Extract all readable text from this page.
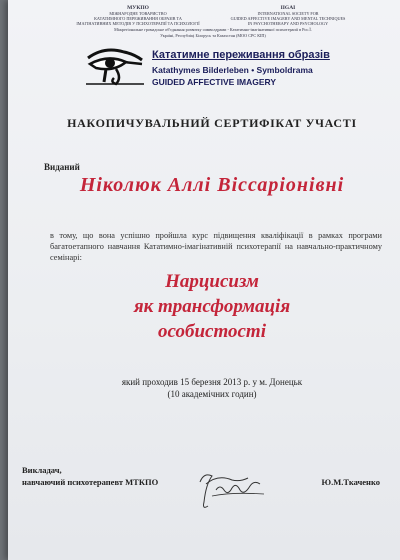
МУКПО
МІЖНАРОДНЕ ТОВАРИСТВО
КАТАТИМНОГО ПЕРЕЖИВАННЯ ОБРАЗІВ ТА
ІМАГІНАТИВНИХ МЕТОДІВ У ПСИХОТЕРАПІЇ ТА ПСИХОЛОГІЇ
IIGAI
INTERNATIONAL SOCIETY FOR
GUIDED AFFECTIVE IMAGERY AND MENTAL TECHNIQUES
IN PSYCHOTHERAPY AND PSYCHOLOGY
Міжрегіональне громадське об'єднання розвитку символдрами - Кататимно-імагінативної психотерапії в Рос.Ї.
Україні, Республіці Білорусь та Казахстан (МОО СРС КІП)
Кататимне переживання образів
Katathymes Bilderleben • Symboldrama
GUIDED AFFECTIVE IMAGERY
НАКОПИЧУВАЛЬНИЙ СЕРТИФІКАТ УЧАСТІ
Виданий
Ніколюк Аллі Віссаріонівні
в тому, що вона успішно пройшла курс підвищення кваліфікації в рамках програми багатоетапного навчання Кататимно-імагінативній психотерапії на навчально-практичному семінарі:
Нарцисизм
як трансформація
особистості
який проходив 15 березня 2013 р. у м. Донецьк
(10 академічних годин)
Викладач,
навчаючий психотерапевт МТКПО	Ю.М.Ткаченко
